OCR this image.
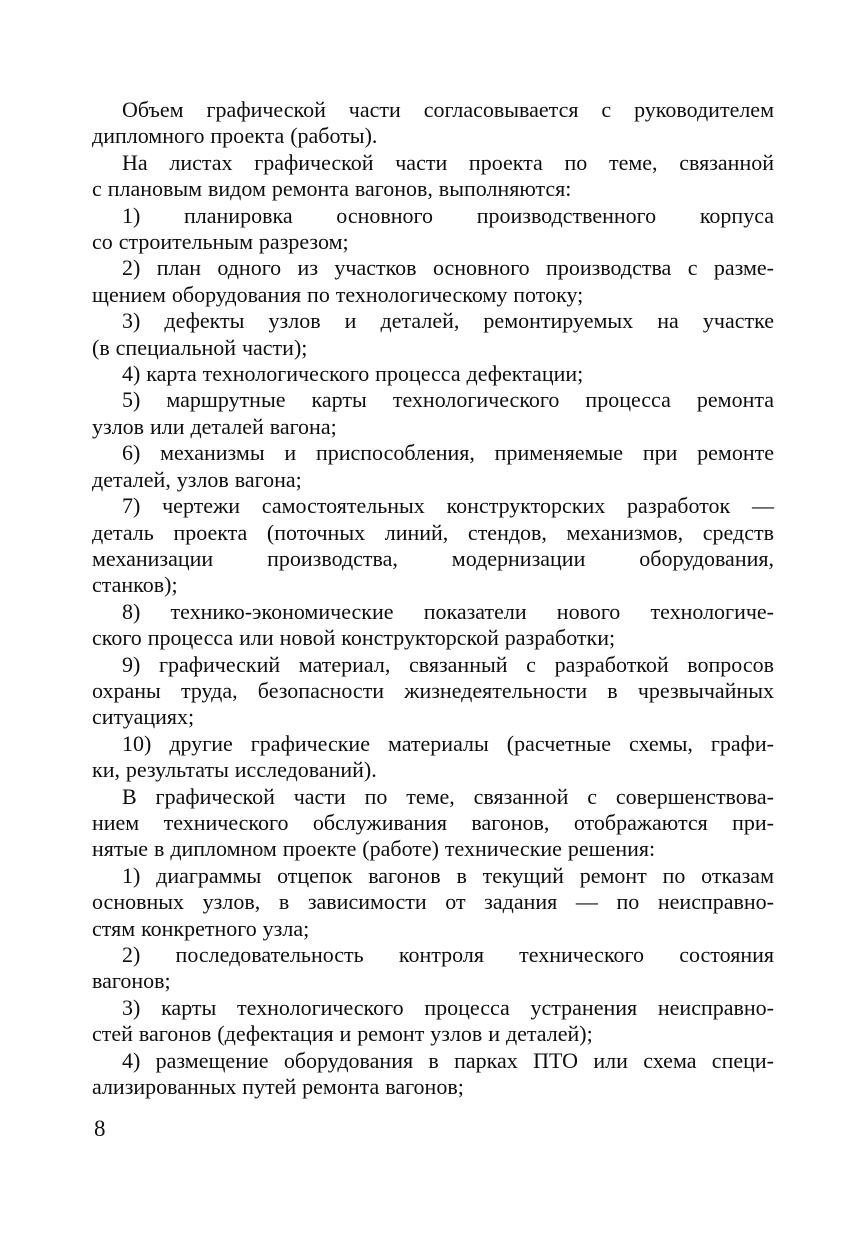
Объем графической части согласовывается с руководителем
дипломного проекта (работы).
На листах графической части проекта по теме, связанной
с плановым видом ремонта вагонов, выполняются:
1) планировка основного производственного корпуса
со строительным разрезом;
2) план одного из участков основного производства с разме-
щением оборудования по технологическому потоку;
3) дефекты узлов и деталей, ремонтируемых на участке
(в специальной части);
4) карта технологического процесса дефектации;
5) маршрутные карты технологического процесса ремонта
узлов или деталей вагона;
6) механизмы и приспособления, применяемые при ремонте
деталей, узлов вагона;
7) чертежи самостоятельных конструкторских разработок —
деталь проекта (поточных линий, стендов, механизмов, средств
механизации производства, модернизации оборудования,
станков);
8) технико-экономические показатели нового технологиче-
ского процесса или новой конструкторской разработки;
9) графический материал, связанный с разработкой вопросов
охраны труда, безопасности жизнедеятельности в чрезвычайных
ситуациях;
10) другие графические материалы (расчетные схемы, графи-
ки, результаты исследований).
В графической части по теме, связанной с совершенствова-
нием технического обслуживания вагонов, отображаются при-
нятые в дипломном проекте (работе) технические решения:
1) диаграммы отцепок вагонов в текущий ремонт по отказам
основных узлов, в зависимости от задания — по неисправно-
стям конкретного узла;
2) последовательность контроля технического состояния
вагонов;
3) карты технологического процесса устранения неисправно-
стей вагонов (дефектация и ремонт узлов и деталей);
4) размещение оборудования в парках ПТО или схема специ-
ализированных путей ремонта вагонов;
8
